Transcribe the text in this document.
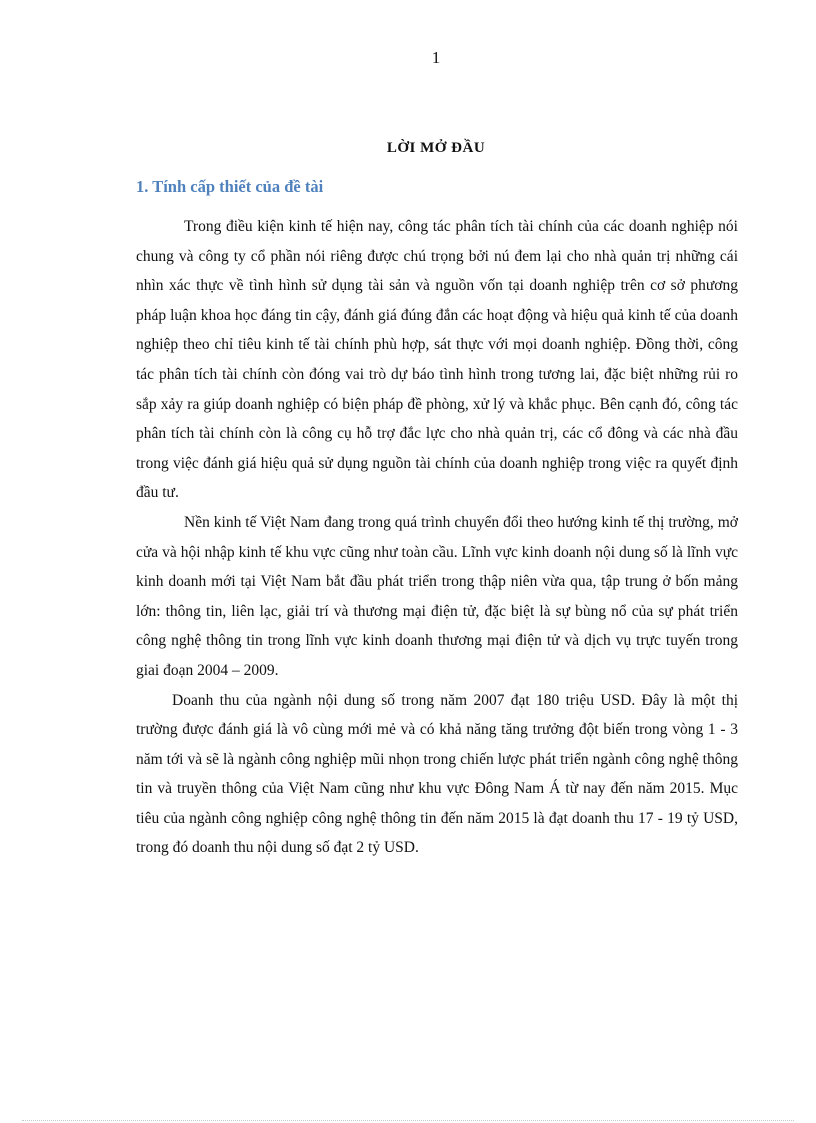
1
LỜI MỞ ĐẦU
1. Tính cấp thiết của đề tài

Trong điều kiện kinh tế hiện nay, công tác phân tích tài chính của các doanh nghiệp nói chung và công ty cổ phần nói riêng được chú trọng bởi nú đem lại cho nhà quản trị những cái nhìn xác thực về tình hình sử dụng tài sản và nguồn vốn tại doanh nghiệp trên cơ sở phương pháp luận khoa học đáng tin cậy, đánh giá đúng đắn các hoạt động và hiệu quả kinh tế của doanh nghiệp theo chỉ tiêu kinh tế tài chính phù hợp, sát thực với mọi doanh nghiệp. Đồng thời, công tác phân tích tài chính còn đóng vai trò dự báo tình hình trong tương lai, đặc biệt những rủi ro sắp xảy ra giúp doanh nghiệp có biện pháp đề phòng, xử lý và khắc phục. Bên cạnh đó, công tác phân tích tài chính còn là công cụ hỗ trợ đắc lực cho nhà quản trị, các cổ đông và các nhà đầu trong việc đánh giá hiệu quả sử dụng nguồn tài chính của doanh nghiệp trong việc ra quyết định đầu tư.

Nền kinh tế Việt Nam đang trong quá trình chuyển đổi theo hướng kinh tế thị trường, mở cửa và hội nhập kinh tế khu vực cũng như toàn cầu. Lĩnh vực kinh doanh nội dung số là lĩnh vực kinh doanh mới tại Việt Nam bắt đầu phát triển trong thập niên vừa qua, tập trung ở bốn mảng lớn: thông tin, liên lạc, giải trí và thương mại điện tử, đặc biệt là sự bùng nổ của sự phát triển công nghệ thông tin trong lĩnh vực kinh doanh thương mại điện tử và dịch vụ trực tuyến trong giai đoạn 2004 – 2009.

Doanh thu của ngành nội dung số trong năm 2007 đạt 180 triệu USD. Đây là một thị trường được đánh giá là vô cùng mới mẻ và có khả năng tăng trưởng đột biến trong vòng 1 - 3 năm tới và sẽ là ngành công nghiệp mũi nhọn trong chiến lược phát triển ngành công nghệ thông tin và truyền thông của Việt Nam cũng như khu vực Đông Nam Á từ nay đến năm 2015. Mục tiêu của ngành công nghiệp công nghệ thông tin đến năm 2015 là đạt doanh thu 17 - 19 tỷ USD, trong đó doanh thu nội dung số đạt 2 tỷ USD.
